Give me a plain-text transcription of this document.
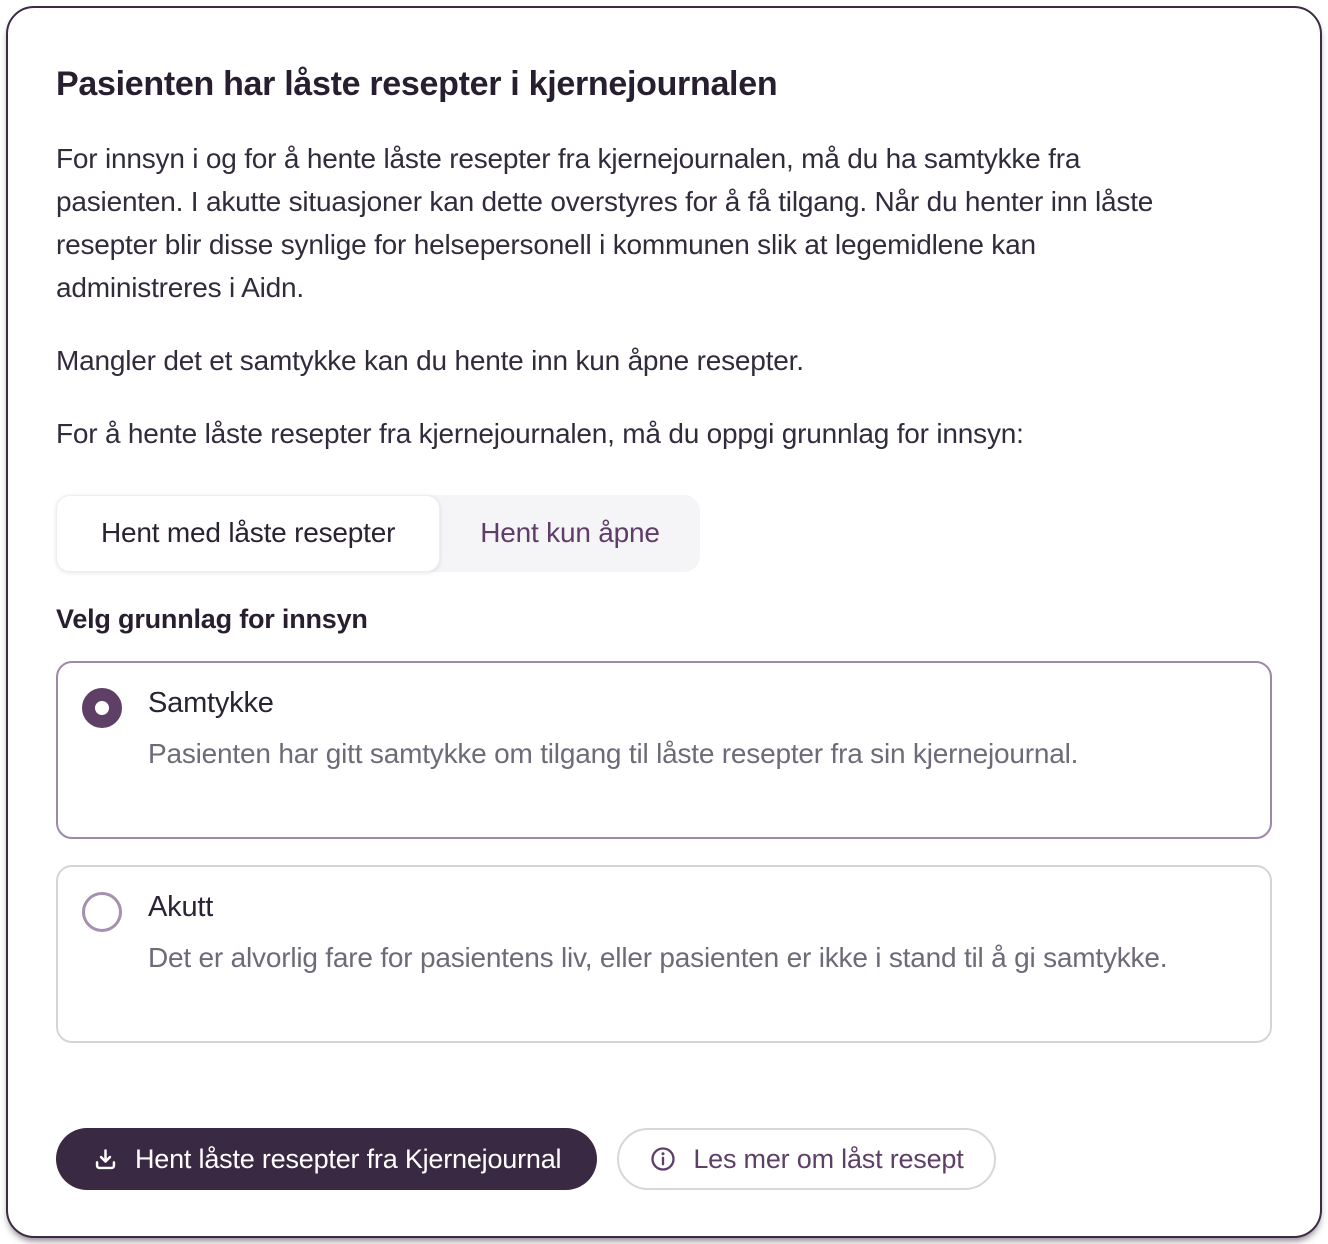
Pasienten har låste resepter i kjernejournalen

For innsyn i og for å hente låste resepter fra kjernejournalen, må du ha samtykke fra pasienten. I akutte situasjoner kan dette overstyres for å få tilgang. Når du henter inn låste resepter blir disse synlige for helsepersonell i kommunen slik at legemidlene kan administreres i Aidn.

Mangler det et samtykke kan du hente inn kun åpne resepter.

For å hente låste resepter fra kjernejournalen, må du oppgi grunnlag for innsyn:

Hent med låste resepter	Hent kun åpne
Velg grunnlag for innsyn
Samtykke
Pasienten har gitt samtykke om tilgang til låste resepter fra sin kjernejournal.
Akutt
Det er alvorlig fare for pasientens liv, eller pasienten er ikke i stand til å gi samtykke.
Hent låste resepter fra Kjernejournal	Les mer om låst resept
